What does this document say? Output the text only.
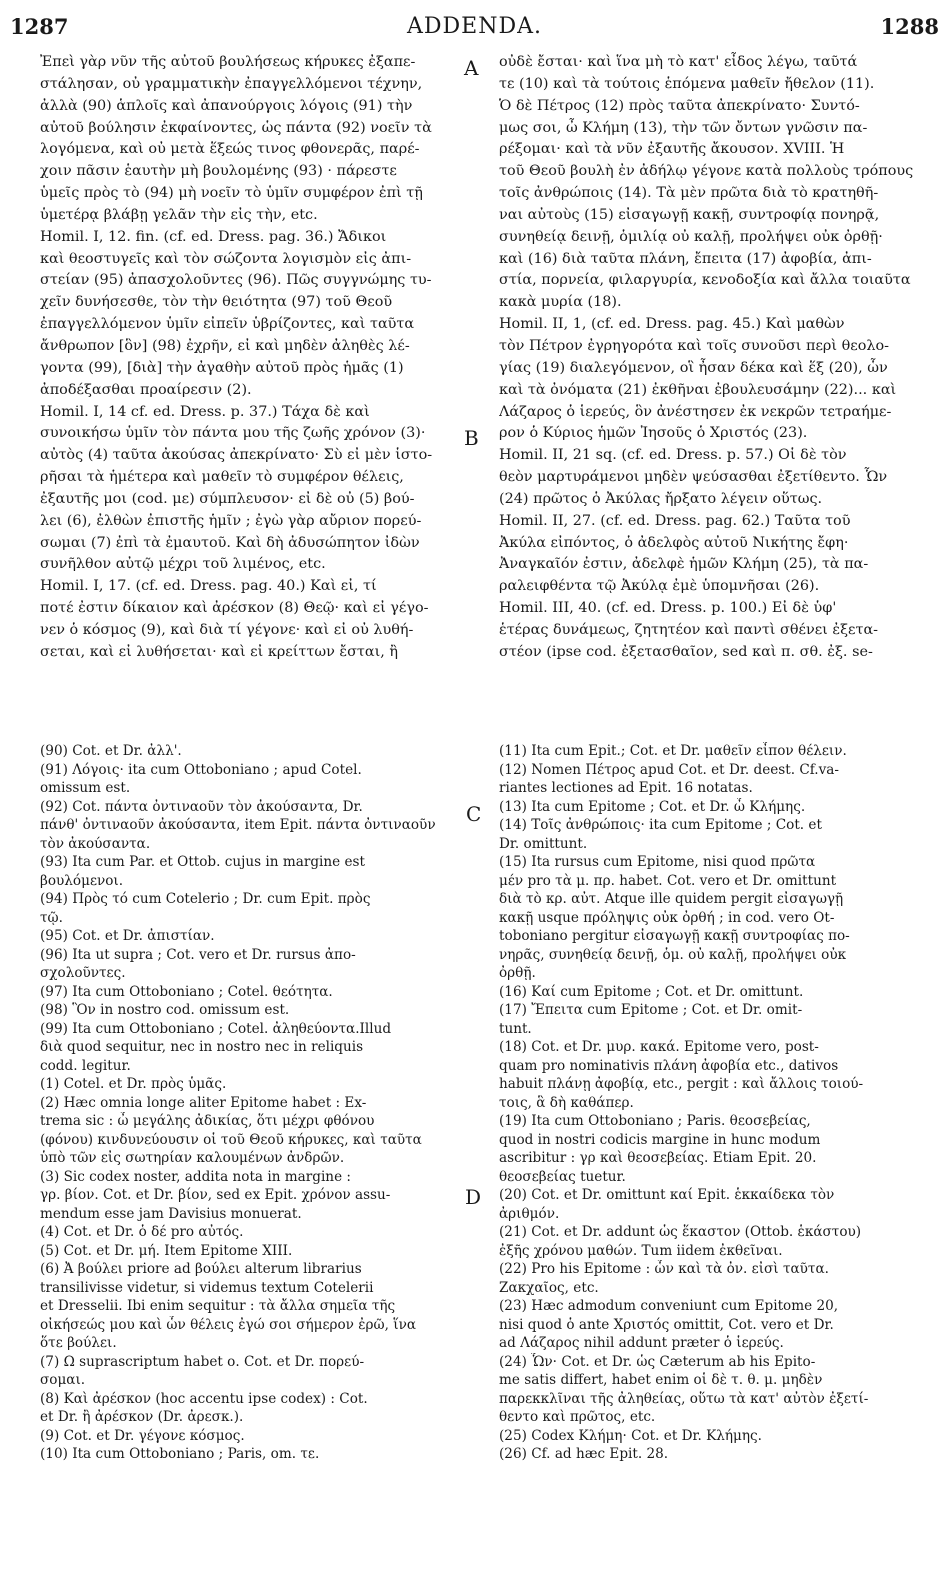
1287	ADDENDA.	1288

Ἐπεὶ γὰρ νῦν τῆς αὐτοῦ βουλήσεως κήρυκες ἐξαπε-

στάλησαν, οὐ γραμματικὴν ἐπαγγελλόμενοι τέχνην,

ἀλλὰ (90) ἁπλοῖς καὶ ἀπανούργοις λόγοις (91) τὴν

αὐτοῦ βούλησιν ἐκφαίνοντες, ὡς πάντα (92) νοεῖν τὰ

λογόμενα, καὶ οὐ μετὰ ἕξεώς τινος φθονερᾶς, παρέ-

χοιν πᾶσιν ἑαυτὴν μὴ βουλομένης (93) · πάρεστε

ὑμεῖς πρὸς τὸ (94) μὴ νοεῖν τὸ ὑμῖν συμφέρον ἐπὶ τῇ

ὑμετέρᾳ βλάβῃ γελᾶν τὴν εἰς τὴν, etc.

Homil. I, 12. fin. (cf. ed. Dress. pag. 36.) Ἄδικοι

καὶ θεοστυγεῖς καὶ τὸν σώζοντα λογισμὸν εἰς ἀπι-

στείαν (95) ἀπασχολοῦντες (96). Πῶς συγγνώμης τυ-

χεῖν δυνήσεσθε, τὸν τὴν θειότητα (97) τοῦ Θεοῦ

ἐπαγγελλόμενον ὑμῖν εἰπεῖν ὑβρίζοντες, καὶ ταῦτα

ἄνθρωπον [ὃν] (98) ἐχρῆν, εἰ καὶ μηδὲν ἀληθὲς λέ-

γοντα (99), [διὰ] τὴν ἀγαθὴν αὐτοῦ πρὸς ἡμᾶς (1)

ἀποδέξασθαι προαίρεσιν (2).

Homil. I, 14 cf. ed. Dress. p. 37.) Τάχα δὲ καὶ

συνοικήσω ὑμῖν τὸν πάντα μου τῆς ζωῆς χρόνον (3)·

αὐτὸς (4) ταῦτα ἀκούσας ἀπεκρίνατο· Σὺ εἰ μὲν ἱστο-

ρῆσαι τὰ ἡμέτερα καὶ μαθεῖν τὸ συμφέρον θέλεις,

ἐξαυτῆς μοι (cod. με) σύμπλευσον· εἰ δὲ οὐ (5) βού-

λει (6), ἐλθὼν ἐπιστῆς ἡμῖν ; ἐγὼ γὰρ αὔριον πορεύ-

σωμαι (7) ἐπὶ τὰ ἐμαυτοῦ. Καὶ δὴ ἀδυσώπητον ἰδὼν

συνῆλθον αὐτῷ μέχρι τοῦ λιμένος, etc.

Homil. I, 17. (cf. ed. Dress. pag. 40.) Καὶ εἰ, τί

ποτέ ἐστιν δίκαιον καὶ ἀρέσκον (8) Θεῷ· καὶ εἰ γέγο-

νεν ὁ κόσμος (9), καὶ διὰ τί γέγονε· καὶ εἰ οὐ λυθή-

σεται, καὶ εἰ λυθήσεται· καὶ εἰ κρείττων ἔσται, ἢ

οὐδὲ ἔσται· καὶ ἵνα μὴ τὸ κατ' εἶδος λέγω, ταῦτά

τε (10) καὶ τὰ τούτοις ἑπόμενα μαθεῖν ἤθελον (11).

Ὁ δὲ Πέτρος (12) πρὸς ταῦτα ἀπεκρίνατο· Συντό-

μως σοι, ὦ Κλήμη (13), τὴν τῶν ὄντων γνῶσιν πα-

ρέξομαι· καὶ τὰ νῦν ἐξαυτῆς ἄκουσον. XVIII. Ἡ

τοῦ Θεοῦ βουλὴ ἐν ἀδήλῳ γέγονε κατὰ πολλοὺς τρόπους

τοῖς ἀνθρώποις (14). Τὰ μὲν πρῶτα διὰ τὸ κρατηθῆ-

ναι αὐτοὺς (15) εἰσαγωγῇ κακῇ, συντροφίᾳ πονηρᾷ,

συνηθείᾳ δεινῇ, ὁμιλίᾳ οὐ καλῇ, προλήψει οὐκ ὀρθῇ·

καὶ (16) διὰ ταῦτα πλάνη, ἔπειτα (17) ἀφοβία, ἀπι-

στία, πορνεία, φιλαργυρία, κενοδοξία καὶ ἄλλα τοιαῦτα

κακὰ μυρία (18).

Homil. II, 1, (cf. ed. Dress. pag. 45.) Καὶ μαθὼν

τὸν Πέτρον ἐγρηγορότα καὶ τοῖς συνοῦσι περὶ θεολο-

γίας (19) διαλεγόμενον, οἳ ἦσαν δέκα καὶ ἕξ (20), ὧν

καὶ τὰ ὀνόματα (21) ἐκθῆναι ἐβουλευσάμην (22)... καὶ

Λάζαρος ὁ ἱερεύς, ὃν ἀνέστησεν ἐκ νεκρῶν τετραήμε-

ρον ὁ Κύριος ἡμῶν Ἰησοῦς ὁ Χριστός (23).

Homil. II, 21 sq. (cf. ed. Dress. p. 57.) Οἱ δὲ τὸν

θεὸν μαρτυράμενοι μηδὲν ψεύσασθαι ἐξετίθεντο. Ὧν

(24) πρῶτος ὁ Ἀκύλας ἤρξατο λέγειν οὕτως.

Homil. II, 27. (cf. ed. Dress. pag. 62.) Ταῦτα τοῦ

Ἀκύλα εἰπόντος, ὁ ἀδελφὸς αὐτοῦ Νικήτης ἔφη·

Ἀναγκαῖόν ἐστιν, ἀδελφὲ ἡμῶν Κλήμη (25), τὰ πα-

ραλειφθέντα τῷ Ἀκύλᾳ ἐμὲ ὑπομνῆσαι (26).

Homil. III, 40. (cf. ed. Dress. p. 100.) Εἰ δὲ ὑφ'

ἑτέρας δυνάμεως, ζητητέον καὶ παντὶ σθένει ἐξετα-

στέον (ipse cod. ἐξετασθαῖον, sed καὶ π. σθ. ἐξ. se-

A
B
C
D

(90) Cot. et Dr. ἀλλ'.

(91) Λόγοις· ita cum Ottoboniano ; apud Cotel.

omissum est.

(92) Cot. πάντα ὀντιναοῦν τὸν ἀκούσαντα, Dr.

πάνθ' ὀντιναοῦν ἀκούσαντα, item Epit. πάντα ὀντιναοῦν

τὸν ἀκούσαντα.

(93) Ita cum Par. et Ottob. cujus in margine est

βουλόμενοι.

(94) Πρὸς τό cum Cotelerio ; Dr. cum Epit. πρὸς

τῷ.

(95) Cot. et Dr. ἀπιστίαν.

(96) Ita ut supra ; Cot. vero et Dr. rursus ἀπο-

σχολοῦντες.

(97) Ita cum Ottoboniano ; Cotel. θεότητα.

(98) Ὃν in nostro cod. omissum est.

(99) Ita cum Ottoboniano ; Cotel. ἀληθεύοντα.Illud

διὰ quod sequitur, nec in nostro nec in reliquis

codd. legitur.

(1) Cotel. et Dr. πρὸς ὑμᾶς.

(2) Hæc omnia longe aliter Epitome habet : Ex-

trema sic : ὦ μεγάλης ἀδικίας, ὅτι μέχρι φθόνου

(φόνου) κινδυνεύουσιν οἱ τοῦ Θεοῦ κήρυκες, καὶ ταῦτα

ὑπὸ τῶν εἰς σωτηρίαν καλουμένων ἀνδρῶν.

(3) Sic codex noster, addita nota in margine :

γρ. βίον. Cot. et Dr. βίον, sed ex Epit. χρόνον assu-

mendum esse jam Davisius monuerat.

(4) Cot. et Dr. ὁ δέ pro αὐτός.

(5) Cot. et Dr. μή. Item Epitome XIII.

(6) Ἀ βούλει priore ad βούλει alterum librarius

transilivisse videtur, si videmus textum Cotelerii

et Dresselii. Ibi enim sequitur : τὰ ἄλλα σημεῖα τῆς

οἰκήσεώς μου καὶ ὧν θέλεις ἐγώ σοι σήμερον ἐρῶ, ἵνα

ὅτε βούλει.

(7) Ω suprascriptum habet ο. Cot. et Dr. πορεύ-

σομαι.

(8) Καὶ ἀρέσκον (hoc accentu ipse codex) : Cot.

et Dr. ἢ ἀρέσκον (Dr. ἀρεσκ.).

(9) Cot. et Dr. γέγονε κόσμος.

(10) Ita cum Ottoboniano ; Paris, om. τε.

(11) Ita cum Epit.; Cot. et Dr. μαθεῖν εἶπον θέλειν.

(12) Nomen Πέτρος apud Cot. et Dr. deest. Cf.va-

riantes lectiones ad Epit. 16 notatas.

(13) Ita cum Epitome ; Cot. et Dr. ὦ Κλήμης.

(14) Τοῖς ἀνθρώποις· ita cum Epitome ; Cot. et

Dr. omittunt.

(15) Ita rursus cum Epitome, nisi quod πρῶτα

μέν pro τὰ μ. πρ. habet. Cot. vero et Dr. omittunt

διὰ τὸ κρ. αὐτ. Atque ille quidem pergit εἰσαγωγῇ

κακῇ usque πρόληψις οὐκ ὀρθή ; in cod. vero Ot-

toboniano pergitur εἰσαγωγῇ κακῇ συντροφίας πο-

νηρᾶς, συνηθείᾳ δεινῇ, ὁμ. οὐ καλῇ, προλήψει οὐκ

ὀρθῇ.

(16) Καί cum Epitome ; Cot. et Dr. omittunt.

(17) Ἔπειτα cum Epitome ; Cot. et Dr. omit-

tunt.

(18) Cot. et Dr. μυρ. κακά. Epitome vero, post-

quam pro nominativis πλάνη ἀφοβία etc., dativos

habuit πλάνῃ ἀφοβίᾳ, etc., pergit : καὶ ἄλλοις τοιού-

τοις, ἃ δὴ καθάπερ.

(19) Ita cum Ottoboniano ; Paris. θεοσεβείας,

quod in nostri codicis margine in hunc modum

ascribitur : γρ καὶ θεοσεβείας. Etiam Epit. 20.

θεοσεβείας tuetur.

(20) Cot. et Dr. omittunt καί Epit. ἑκκαίδεκα τὸν

ἀριθμόν.

(21) Cot. et Dr. addunt ὡς ἕκαστον (Ottob. ἑκάστου)

ἐξῆς χρόνου μαθών. Tum iidem ἐκθεῖναι.

(22) Pro his Epitome : ὧν καὶ τὰ ὀν. εἰσὶ ταῦτα.

Ζακχαῖος, etc.

(23) Hæc admodum conveniunt cum Epitome 20,

nisi quod ὁ ante Χριστός omittit, Cot. vero et Dr.

ad Λάζαρος nihil addunt præter ὁ ἱερεύς.

(24) Ὧν· Cot. et Dr. ὡς Cæterum ab his Epito-

me satis differt, habet enim οἱ δὲ τ. θ. μ. μηδὲν

παρεκκλῖναι τῆς ἀληθείας, οὕτω τὰ κατ' αὐτὸν ἐξετί-

θεντο καὶ πρῶτος, etc.

(25) Codex Κλήμη· Cot. et Dr. Κλήμης.

(26) Cf. ad hæc Epit. 28.
